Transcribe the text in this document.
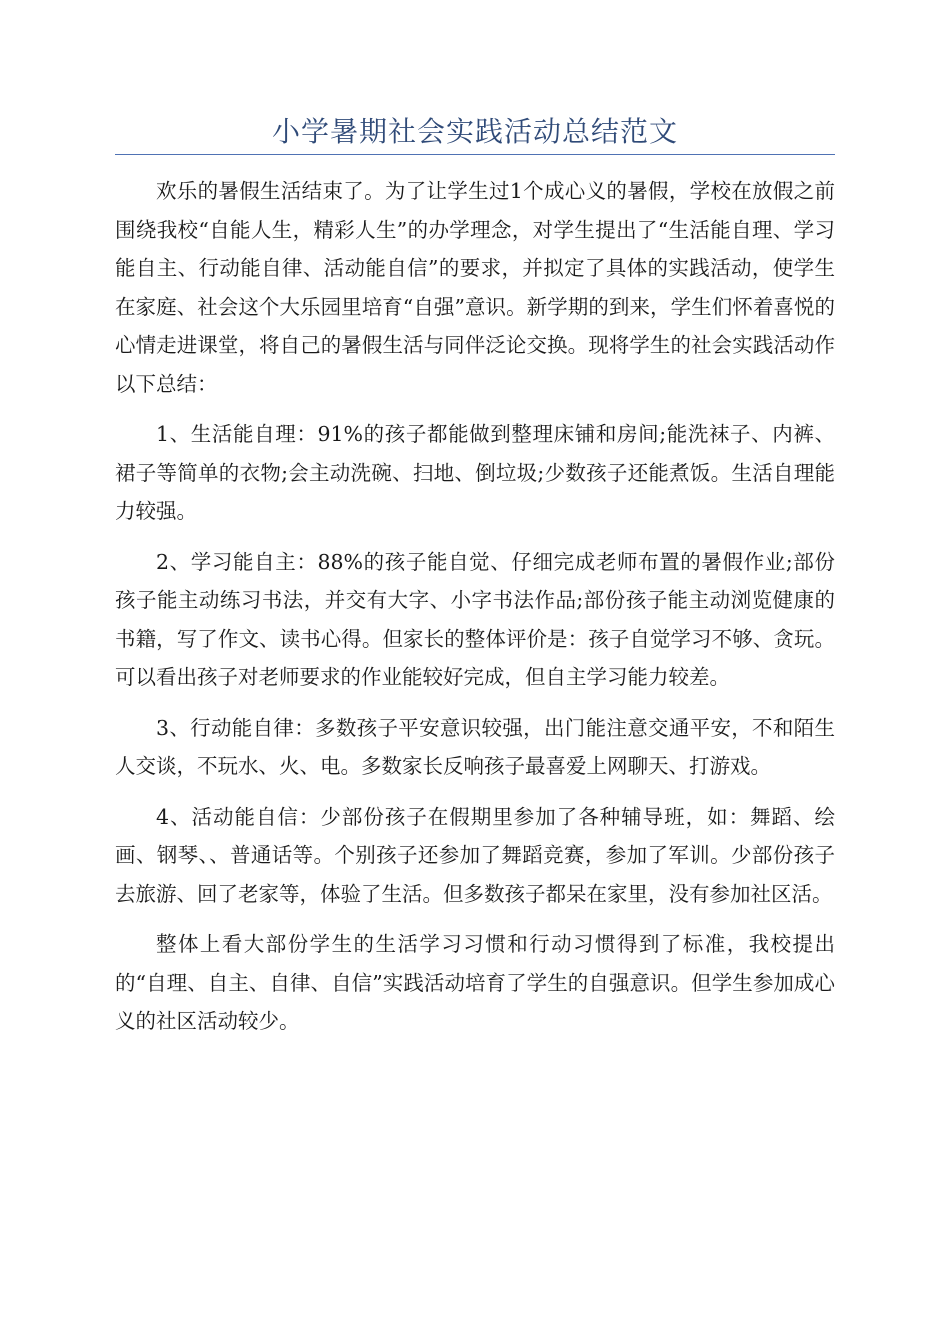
小学暑期社会实践活动总结范文

欢乐的暑假生活结束了。为了让学生过1个成心义的暑假，学校在放假之前围绕我校“自能人生，精彩人生”的办学理念，对学生提出了“生活能自理、学习能自主、行动能自律、活动能自信”的要求，并拟定了具体的实践活动，使学生在家庭、社会这个大乐园里培育“自强”意识。新学期的到来，学生们怀着喜悦的心情走进课堂，将自己的暑假生活与同伴泛论交换。现将学生的社会实践活动作以下总结：

1、生活能自理：91%的孩子都能做到整理床铺和房间;能洗袜子、内裤、裙子等简单的衣物;会主动洗碗、扫地、倒垃圾;少数孩子还能煮饭。生活自理能力较强。

2、学习能自主：88%的孩子能自觉、仔细完成老师布置的暑假作业;部份孩子能主动练习书法，并交有大字、小字书法作品;部份孩子能主动浏览健康的书籍，写了作文、读书心得。但家长的整体评价是：孩子自觉学习不够、贪玩。可以看出孩子对老师要求的作业能较好完成，但自主学习能力较差。

3、行动能自律：多数孩子平安意识较强，出门能注意交通平安，不和陌生人交谈，不玩水、火、电。多数家长反响孩子最喜爱上网聊天、打游戏。

4、活动能自信：少部份孩子在假期里参加了各种辅导班，如：舞蹈、绘画、钢琴、、普通话等。个别孩子还参加了舞蹈竞赛，参加了军训。少部份孩子去旅游、回了老家等，体验了生活。但多数孩子都呆在家里，没有参加社区活。

整体上看大部份学生的生活学习习惯和行动习惯得到了标准，我校提出的“自理、自主、自律、自信”实践活动培育了学生的自强意识。但学生参加成心义的社区活动较少。
